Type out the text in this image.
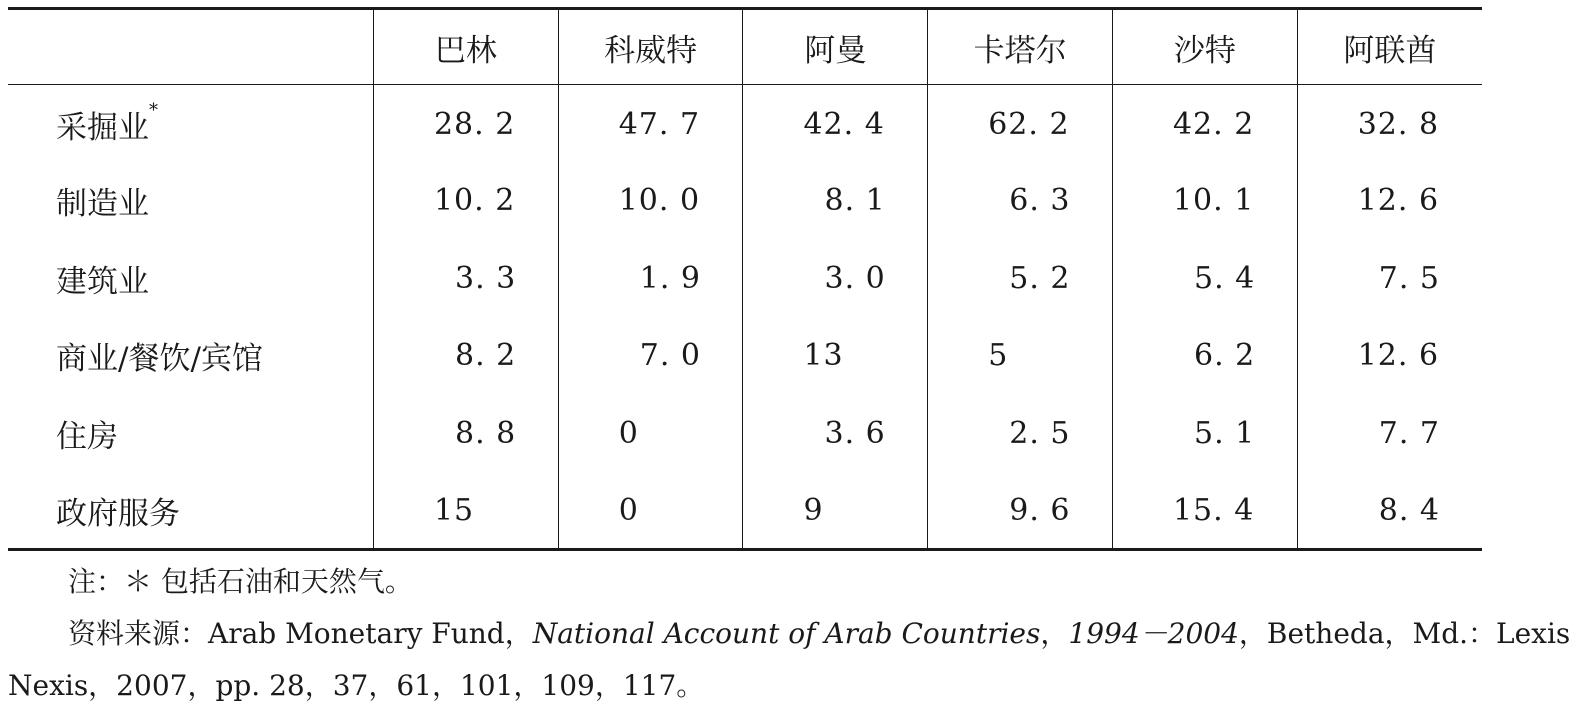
	巴林	科威特	阿曼	卡塔尔	沙特	阿联酋
采掘业*	28. 2	47. 7	42. 4	62. 2	42. 2	32. 8
制造业	10. 2	10. 0	8. 1	6. 3	10. 1	12. 6
建筑业	3. 3	1. 9	3. 0	5. 2	5. 4	7. 5
商业/餐饮/宾馆	8. 2	7. 0	13	5	6. 2	12. 6
住房	8. 8	0	3. 6	2. 5	5. 1	7. 7
政府服务	15	0	9	9. 6	15. 4	8. 4
注：＊ 包括石油和天然气。
资料来源：Arab Monetary Fund，National Account of Arab Countries，1994－2004，Betheda，Md.：Lexis
Nexis，2007，pp. 28，37，61，101，109，117。
